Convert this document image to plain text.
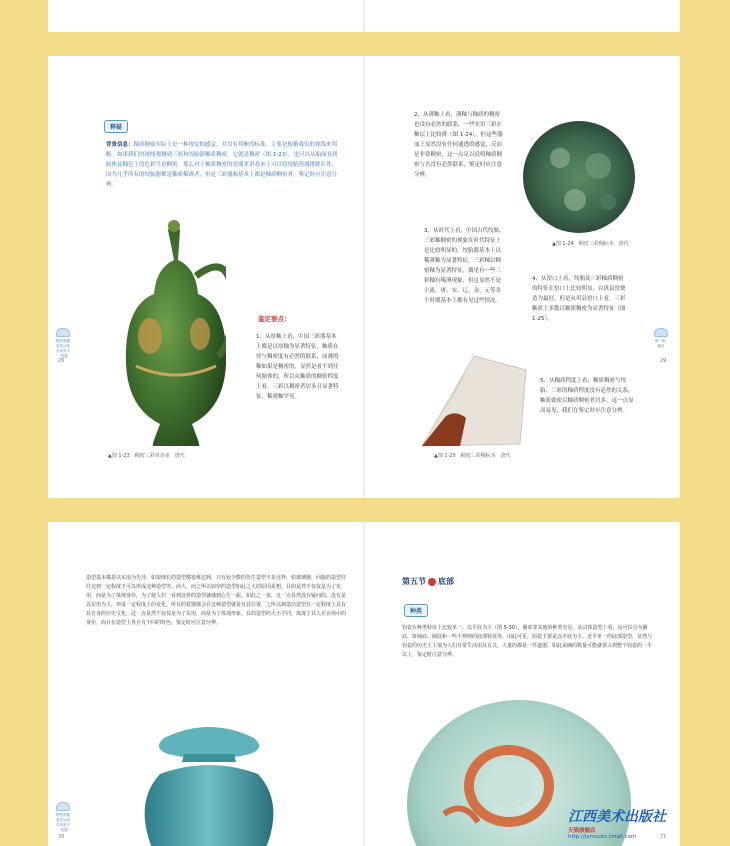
释疑
背景信息：釉质稠密实际上是一种视觉的感觉，并没有判断的标准。主要是根据我们的视线来判断。如果我们的视线观测到三彩和绞胎器釉质稠密，它就是稠密（图 1-23），也可以从胎面看到胎体及釉色上的色彩当是稠密。那么对于釉质稠密的瓷器来讲基本上可以将绞胎瓷器排除在外，因为几乎所有的绞胎器都是釉质稀薄者，但是三彩器胎基本上都是釉质稠密者，鉴定时应注意分辨。
▲图 1-23　稠密三彩凤首壶　唐代
鉴定要点：
1、从厚釉上看，中国三彩器基本上都是以厚釉为显著特征，釉质在厚与稠密度有必然的联系，而薄的釉如果是稠密的，显然是看不到任何胎体的，所以从釉质的稠密程度上看，三彩以稠密者居多且显著特征，稀薄釉罕见。
陶瓷收藏鉴赏从新手到高手 · 瓷器
26
2、从薄釉上看，薄釉与釉质的稠密也没有必然的联系，一些实用三彩在釉层上比较薄（图 1-24），但这些器皿上显然没有任何通透的感觉，反而是非常稠密，这一点足以说明釉质稠密与否没有必然联系，鉴定时应注意分辨。
▲图 1-24　稠密三彩釉标本　唐代
3、从时代上看，中国古代绞胎、三彩釉稠密的现象在时代特征上是比较明显的，绞胎器基本上以稀薄釉为显著特征，三彩釉以稠密釉为显著特征，偶见有一些三彩釉有稀薄现象，但这显然不是主流。唐、宋、辽、金、元等各个时期基本上都有见这些情况。
4、从窑口上看，绞胎及三彩釉质稠密的特征在窑口上比较明显，以巩县窑烧造为最好，但是从巩县窑口上看，三彩釉质上多数以釉质稠密为显著特征（图 1-25）。
▲图 1-25　稠密三彩釉标本　唐代
5、从釉质程度上看，釉质稠密与绞胎、三彩的釉质程度没有必然的关系，釉质致密以釉质稠密者居多，这一点显而易见，我们在鉴定时应注意分辨。
第一章 · 釉质
29
造型基本都是以实用为先导，如很细长的造型都很难达到，只有较少数的仿生造型不是这样，如玻璃器、回旋的造型往往达到一定程度才可以形成这种造型等。而大，而之所以钧窑的造型如此之大的原因是想，目的是然不仅仅是为了实用，而是为了体现身份，为了使人们一看到这样的造型就感到心生一振。如此之一说，这一点显然没有疑问的。没有是以实用为主，形成一定程度上的变化。所有的瓷器都会在这种造型就是有其位置，之所以制造出造型在一定程度上具有其自身的历史文化，这一点显然不仅仅是为了实用，而是为了体现形象。有的造型的大小不同，体现了其人在官场中的身份，而且在造型上各自有不同的特色。鉴定时应注意分辨。
陶瓷收藏鉴赏从新手到高手 · 瓷器
70
第五节 底部
种类
钧瓷在种类特征上比较单一，以平底为主（图 5-30），圈底等其他的种类有见，从具体造型上看，这可以分为圈底、饼圈底、圈底和一些不规则的底部特征等，由此可见，钧瓷主要是以平底为主。近乎单一的底部造型，显然与钧瓷的历史上主要为人们日常生活用具有关，大量的都是一件遗器，如此说确的数量可能就要占到整个钧瓷的一半以上，鉴定时注意分辨。
江西美术出版社
天猫旗舰店
http://jxmscbs.tmall.com	71
